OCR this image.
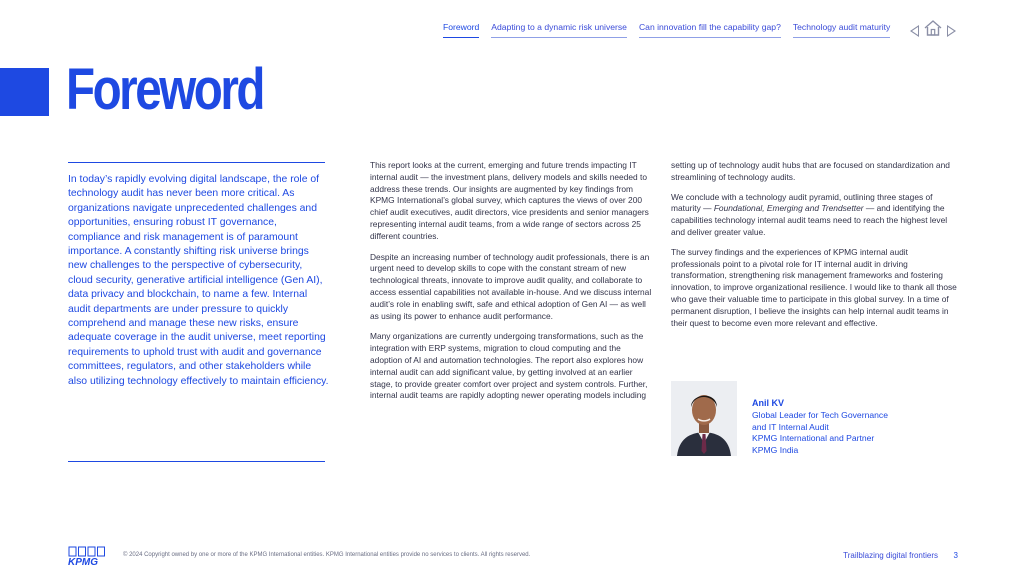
Foreword Adapting to a dynamic risk universe Can innovation fill the capability gap? Technology audit maturity
Foreword

In today’s rapidly evolving digital landscape, the role of technology audit has never been more critical. As organizations navigate unprecedented challenges and opportunities, ensuring robust IT governance, compliance and risk management is of paramount importance. A constantly shifting risk universe brings new challenges to the perspective of cybersecurity, cloud security, generative artificial intelligence (Gen AI), data privacy and blockchain, to name a few. Internal audit departments are under pressure to quickly comprehend and manage these new risks, ensure adequate coverage in the audit universe, meet reporting requirements to uphold trust with audit and governance committees, regulators, and other stakeholders while also utilizing technology effectively to maintain efficiency.

This report looks at the current, emerging and future trends impacting IT internal audit — the investment plans, delivery models and skills needed to address these trends. Our insights are augmented by key findings from KPMG International’s global survey, which captures the views of over 200 chief audit executives, audit directors, vice presidents and senior managers representing internal audit teams, from a wide range of sectors across 25 different countries.

Despite an increasing number of technology audit professionals, there is an urgent need to develop skills to cope with the constant stream of new technological threats, innovate to improve audit quality, and collaborate to access essential capabilities not available in-house. And we discuss internal audit’s role in enabling swift, safe and ethical adoption of Gen AI — as well as using its power to enhance audit performance.

Many organizations are currently undergoing transformations, such as the integration with ERP systems, migration to cloud computing and the adoption of AI and automation technologies. The report also explores how internal audit can add significant value, by getting involved at an earlier stage, to provide greater comfort over project and system controls. Further, internal audit teams are rapidly adopting newer operating models including

setting up of technology audit hubs that are focused on standardization and streamlining of technology audits.

We conclude with a technology audit pyramid, outlining three stages of maturity — Foundational, Emerging and Trendsetter — and identifying the capabilities technology internal audit teams need to reach the highest level and deliver greater value.

The survey findings and the experiences of KPMG internal audit professionals point to a pivotal role for IT internal audit in driving transformation, strengthening risk management frameworks and fostering innovation, to improve organizational resilience. I would like to thank all those who gave their valuable time to participate in this global survey. In a time of permanent disruption, I believe the insights can help internal audit teams in their quest to become even more relevant and effective.

Anil KV
Global Leader for Tech Governance
and IT Internal Audit
KPMG International and Partner
KPMG India
KPMG
© 2024 Copyright owned by one or more of the KPMG International entities. KPMG International entities provide no services to clients. All rights reserved.	Trailblazing digital frontiers 3
